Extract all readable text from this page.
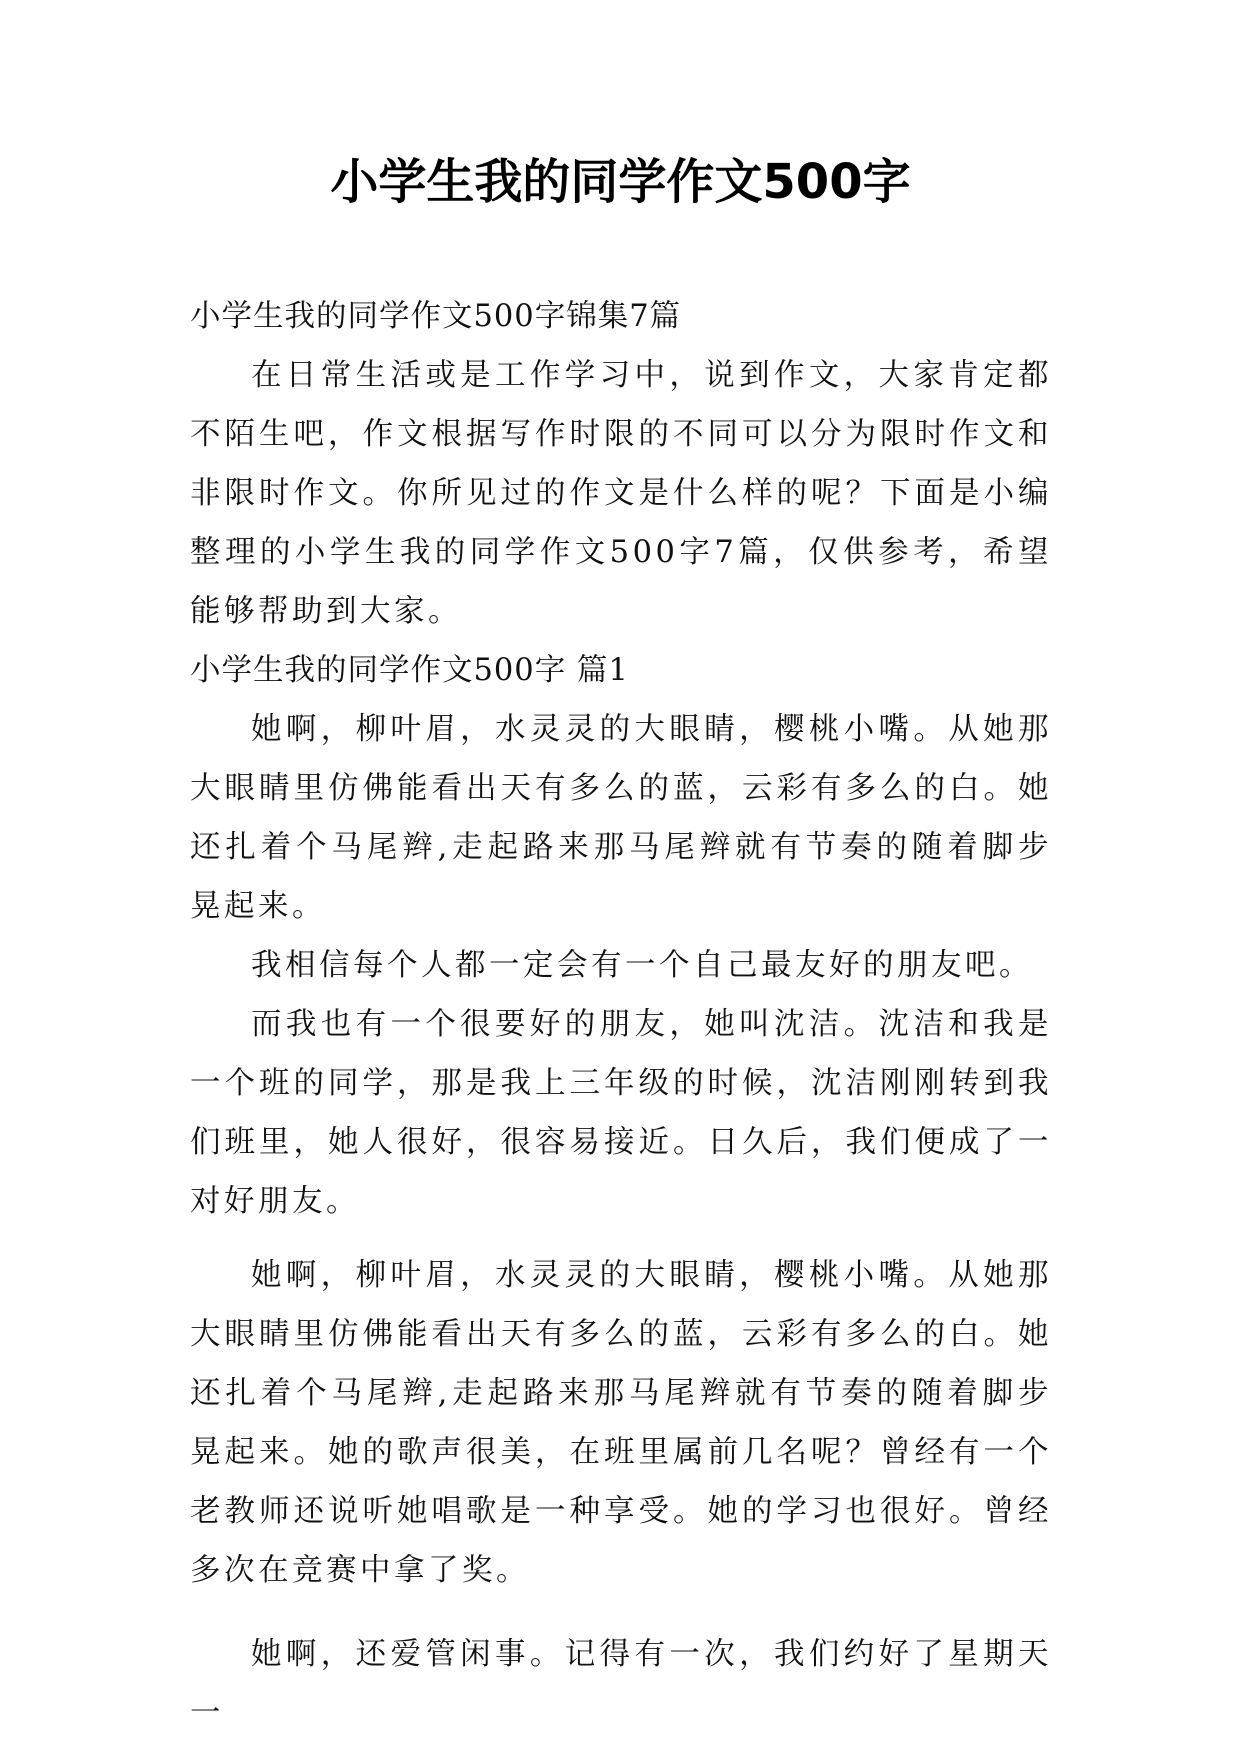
小学生我的同学作文500字

小学生我的同学作文500字锦集7篇

在日常生活或是工作学习中，说到作文，大家肯定都不陌生吧，作文根据写作时限的不同可以分为限时作文和非限时作文。你所见过的作文是什么样的呢？下面是小编整理的小学生我的同学作文500字7篇，仅供参考，希望能够帮助到大家。

小学生我的同学作文500字 篇1

她啊，柳叶眉，水灵灵的大眼睛，樱桃小嘴。从她那大眼睛里仿佛能看出天有多么的蓝，云彩有多么的白。她还扎着个马尾辫,走起路来那马尾辫就有节奏的随着脚步晃起来。

我相信每个人都一定会有一个自己最友好的朋友吧。

而我也有一个很要好的朋友，她叫沈洁。沈洁和我是一个班的同学，那是我上三年级的时候，沈洁刚刚转到我们班里，她人很好，很容易接近。日久后，我们便成了一对好朋友。

她啊，柳叶眉，水灵灵的大眼睛，樱桃小嘴。从她那大眼睛里仿佛能看出天有多么的蓝，云彩有多么的白。她还扎着个马尾辫,走起路来那马尾辫就有节奏的随着脚步晃起来。她的歌声很美，在班里属前几名呢？曾经有一个老教师还说听她唱歌是一种享受。她的学习也很好。曾经多次在竞赛中拿了奖。

她啊，还爱管闲事。记得有一次，我们约好了星期天一
